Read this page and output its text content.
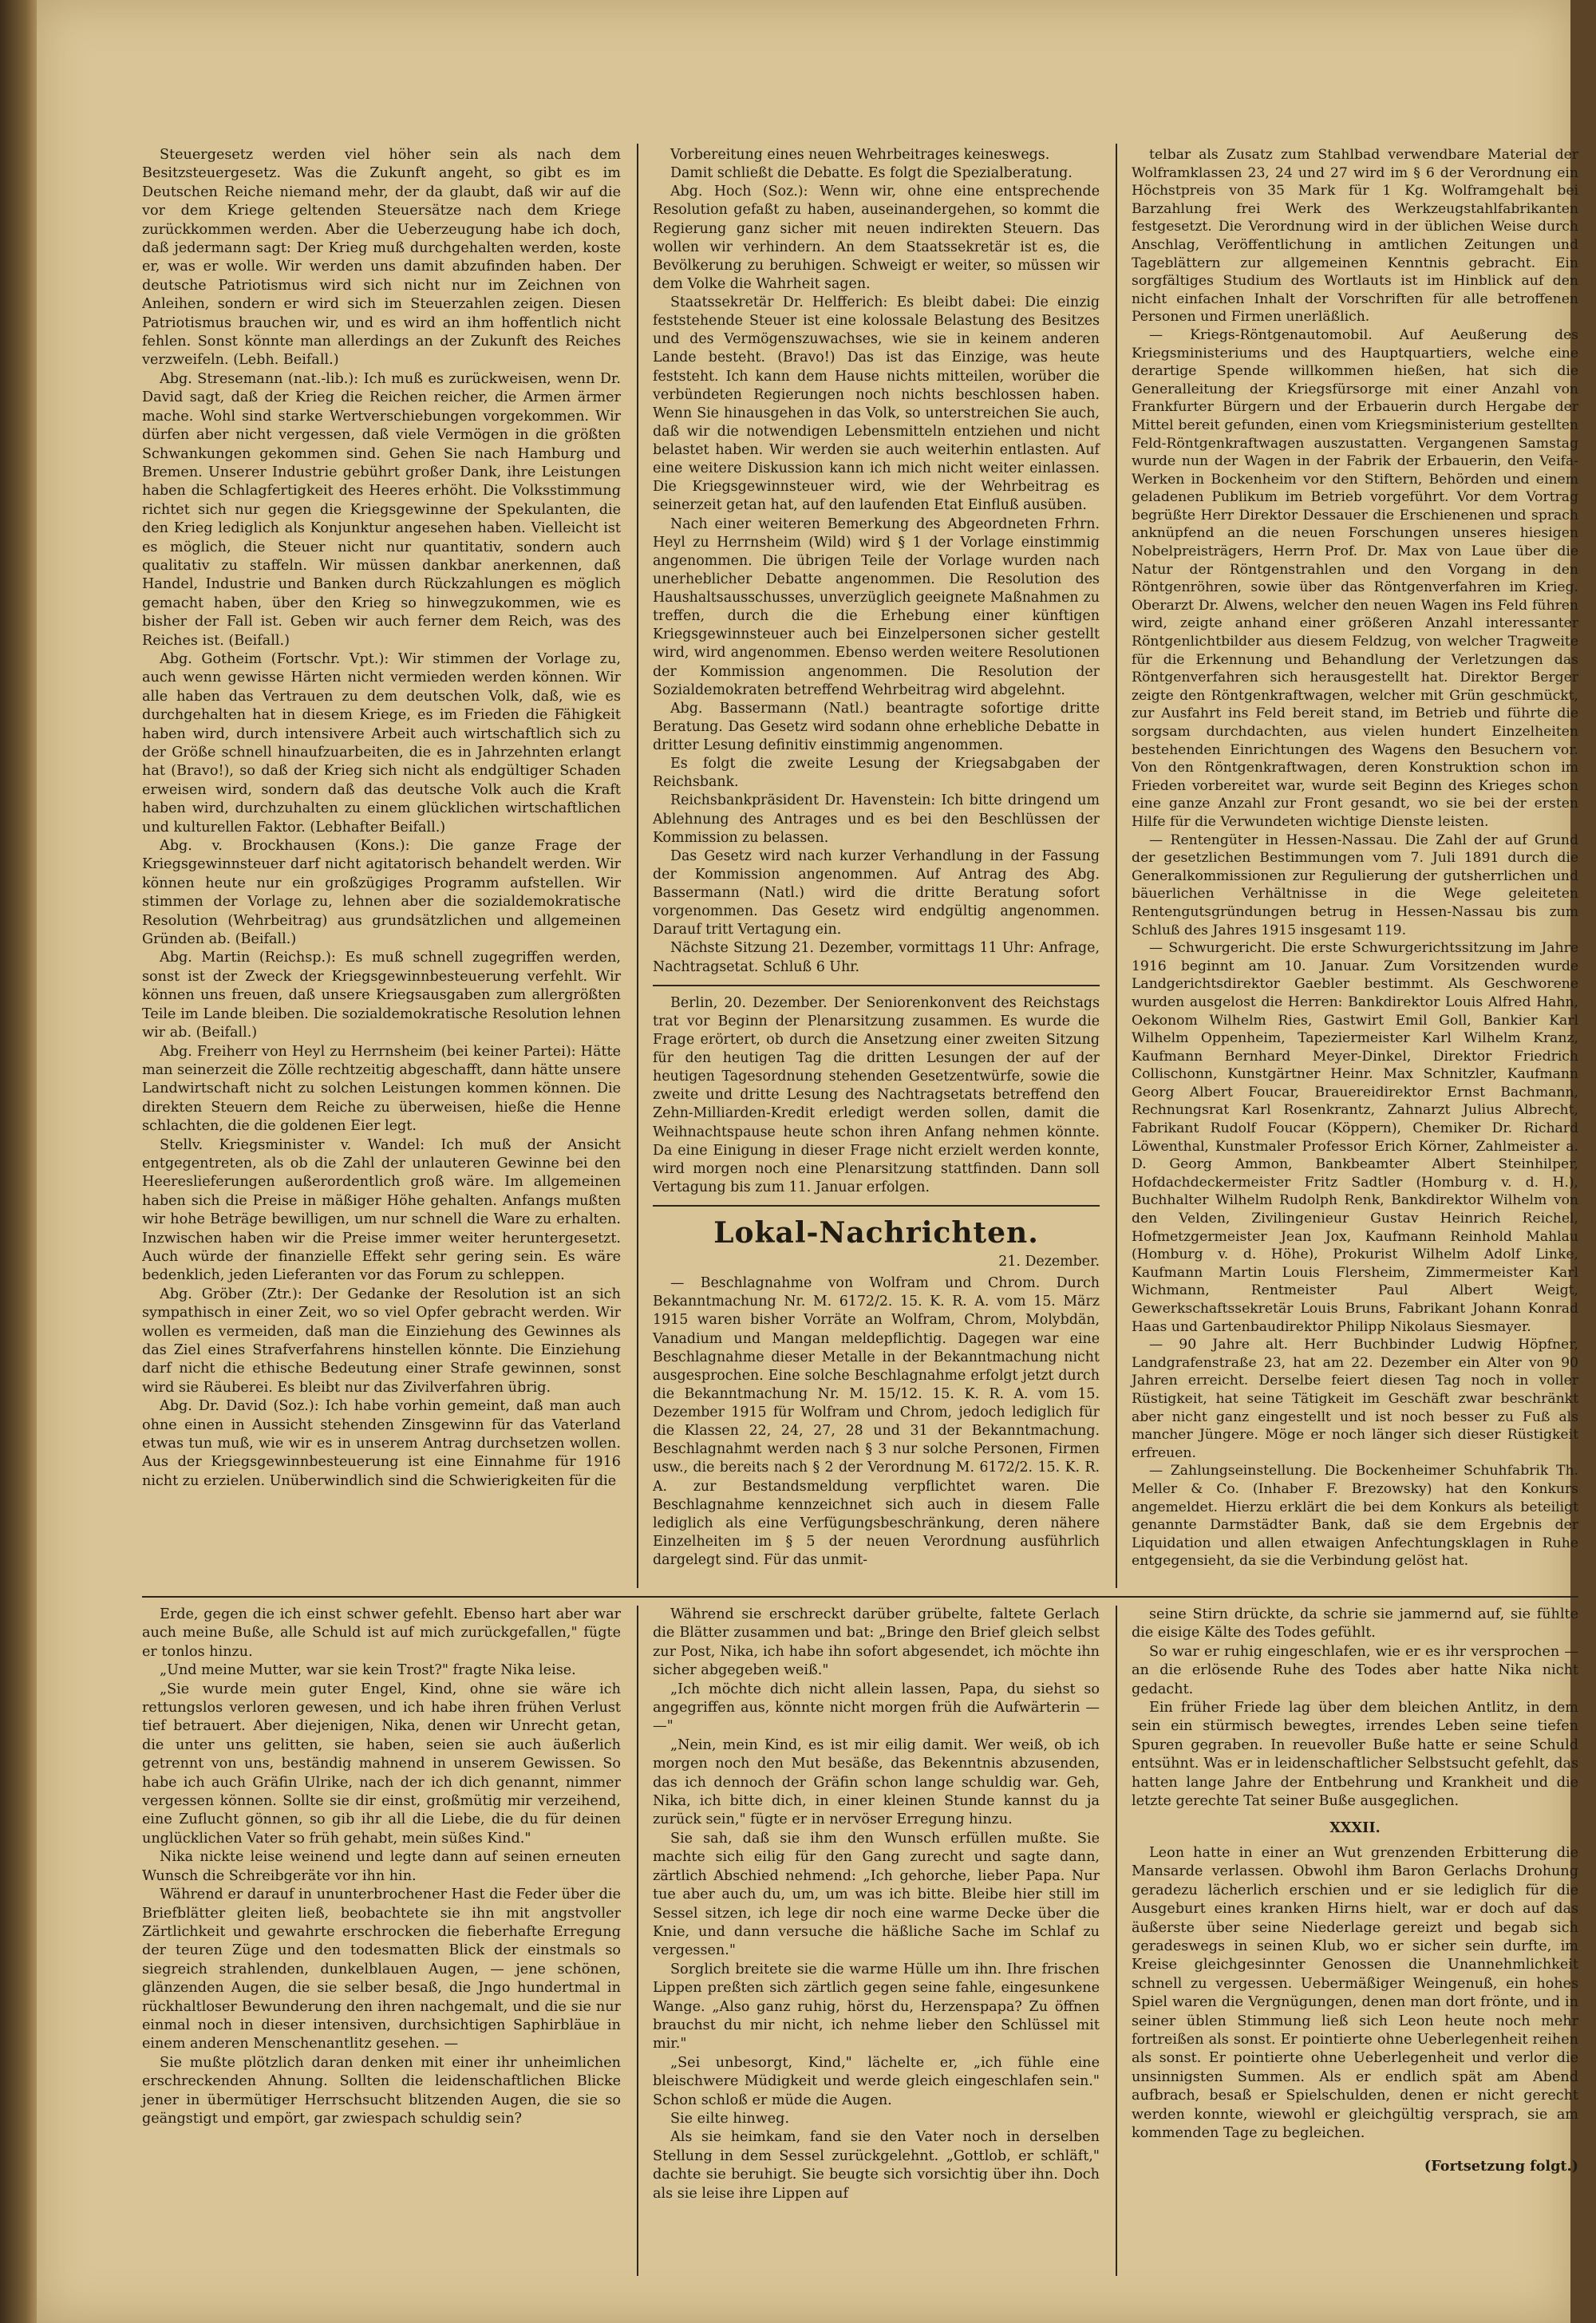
Steuergesetz werden viel höher sein als nach dem Besitzsteuergesetz. Was die Zukunft angeht, so gibt es im Deutschen Reiche niemand mehr, der da glaubt, daß wir auf die vor dem Kriege geltenden Steuersätze nach dem Kriege zurückkommen werden. Aber die Ueberzeugung habe ich doch, daß jedermann sagt: Der Krieg muß durchgehalten werden, koste er, was er wolle. Wir werden uns damit abzufinden haben. Der deutsche Patriotismus wird sich nicht nur im Zeichnen von Anleihen, sondern er wird sich im Steuerzahlen zeigen. Diesen Patriotismus brauchen wir, und es wird an ihm hoffentlich nicht fehlen. Sonst könnte man allerdings an der Zukunft des Reiches verzweifeln. (Lebh. Beifall.)

Abg. Stresemann (nat.-lib.): Ich muß es zurückweisen, wenn Dr. David sagt, daß der Krieg die Reichen reicher, die Armen ärmer mache. Wohl sind starke Wertverschiebungen vorgekommen. Wir dürfen aber nicht vergessen, daß viele Vermögen in die größten Schwankungen gekommen sind. Gehen Sie nach Hamburg und Bremen. Unserer Industrie gebührt großer Dank, ihre Leistungen haben die Schlagfertigkeit des Heeres erhöht. Die Volksstimmung richtet sich nur gegen die Kriegsgewinne der Spekulanten, die den Krieg lediglich als Konjunktur angesehen haben. Vielleicht ist es möglich, die Steuer nicht nur quantitativ, sondern auch qualitativ zu staffeln. Wir müssen dankbar anerkennen, daß Handel, Industrie und Banken durch Rückzahlungen es möglich gemacht haben, über den Krieg so hinwegzukommen, wie es bisher der Fall ist. Geben wir auch ferner dem Reich, was des Reiches ist. (Beifall.)

Abg. Gotheim (Fortschr. Vpt.): Wir stimmen der Vorlage zu, auch wenn gewisse Härten nicht vermieden werden können. Wir alle haben das Vertrauen zu dem deutschen Volk, daß, wie es durchgehalten hat in diesem Kriege, es im Frieden die Fähigkeit haben wird, durch intensivere Arbeit auch wirtschaftlich sich zu der Größe schnell hinaufzuarbeiten, die es in Jahrzehnten erlangt hat (Bravo!), so daß der Krieg sich nicht als endgültiger Schaden erweisen wird, sondern daß das deutsche Volk auch die Kraft haben wird, durchzuhalten zu einem glücklichen wirtschaftlichen und kulturellen Faktor. (Lebhafter Beifall.)

Abg. v. Brockhausen (Kons.): Die ganze Frage der Kriegsgewinnsteuer darf nicht agitatorisch behandelt werden. Wir können heute nur ein großzügiges Programm aufstellen. Wir stimmen der Vorlage zu, lehnen aber die sozialdemokratische Resolution (Wehrbeitrag) aus grundsätzlichen und allgemeinen Gründen ab. (Beifall.)

Abg. Martin (Reichsp.): Es muß schnell zugegriffen werden, sonst ist der Zweck der Kriegsgewinnbesteuerung verfehlt. Wir können uns freuen, daß unsere Kriegsausgaben zum allergrößten Teile im Lande bleiben. Die sozialdemokratische Resolution lehnen wir ab. (Beifall.)

Abg. Freiherr von Heyl zu Herrnsheim (bei keiner Partei): Hätte man seinerzeit die Zölle rechtzeitig abgeschafft, dann hätte unsere Landwirtschaft nicht zu solchen Leistungen kommen können. Die direkten Steuern dem Reiche zu überweisen, hieße die Henne schlachten, die die goldenen Eier legt.

Stellv. Kriegsminister v. Wandel: Ich muß der Ansicht entgegentreten, als ob die Zahl der unlauteren Gewinne bei den Heereslieferungen außerordentlich groß wäre. Im allgemeinen haben sich die Preise in mäßiger Höhe gehalten. Anfangs mußten wir hohe Beträge bewilligen, um nur schnell die Ware zu erhalten. Inzwischen haben wir die Preise immer weiter heruntergesetzt. Auch würde der finanzielle Effekt sehr gering sein. Es wäre bedenklich, jeden Lieferanten vor das Forum zu schleppen.

Abg. Gröber (Ztr.): Der Gedanke der Resolution ist an sich sympathisch in einer Zeit, wo so viel Opfer gebracht werden. Wir wollen es vermeiden, daß man die Einziehung des Gewinnes als das Ziel eines Strafverfahrens hinstellen könnte. Die Einziehung darf nicht die ethische Bedeutung einer Strafe gewinnen, sonst wird sie Räuberei. Es bleibt nur das Zivilverfahren übrig.

Abg. Dr. David (Soz.): Ich habe vorhin gemeint, daß man auch ohne einen in Aussicht stehenden Zinsgewinn für das Vaterland etwas tun muß, wie wir es in unserem Antrag durchsetzen wollen. Aus der Kriegsgewinnbesteuerung ist eine Einnahme für 1916 nicht zu erzielen. Unüberwindlich sind die Schwierigkeiten für die

Vorbereitung eines neuen Wehrbeitrages keineswegs.

Damit schließt die Debatte. Es folgt die Spezialberatung.

Abg. Hoch (Soz.): Wenn wir, ohne eine entsprechende Resolution gefaßt zu haben, auseinandergehen, so kommt die Regierung ganz sicher mit neuen indirekten Steuern. Das wollen wir verhindern. An dem Staatssekretär ist es, die Bevölkerung zu beruhigen. Schweigt er weiter, so müssen wir dem Volke die Wahrheit sagen.

Staatssekretär Dr. Helfferich: Es bleibt dabei: Die einzig feststehende Steuer ist eine kolossale Belastung des Besitzes und des Vermögenszuwachses, wie sie in keinem anderen Lande besteht. (Bravo!) Das ist das Einzige, was heute feststeht. Ich kann dem Hause nichts mitteilen, worüber die verbündeten Regierungen noch nichts beschlossen haben. Wenn Sie hinausgehen in das Volk, so unterstreichen Sie auch, daß wir die notwendigen Lebensmitteln entziehen und nicht belastet haben. Wir werden sie auch weiterhin entlasten. Auf eine weitere Diskussion kann ich mich nicht weiter einlassen. Die Kriegsgewinnsteuer wird, wie der Wehrbeitrag es seinerzeit getan hat, auf den laufenden Etat Einfluß ausüben.

Nach einer weiteren Bemerkung des Abgeordneten Frhrn. Heyl zu Herrnsheim (Wild) wird § 1 der Vorlage einstimmig angenommen. Die übrigen Teile der Vorlage wurden nach unerheblicher Debatte angenommen. Die Resolution des Haushaltsausschusses, unverzüglich geeignete Maßnahmen zu treffen, durch die die Erhebung einer künftigen Kriegsgewinnsteuer auch bei Einzelpersonen sicher gestellt wird, wird angenommen. Ebenso werden weitere Resolutionen der Kommission angenommen. Die Resolution der Sozialdemokraten betreffend Wehrbeitrag wird abgelehnt.

Abg. Bassermann (Natl.) beantragte sofortige dritte Beratung. Das Gesetz wird sodann ohne erhebliche Debatte in dritter Lesung definitiv einstimmig angenommen.

Es folgt die zweite Lesung der Kriegsabgaben der Reichsbank.

Reichsbankpräsident Dr. Havenstein: Ich bitte dringend um Ablehnung des Antrages und es bei den Beschlüssen der Kommission zu belassen.

Das Gesetz wird nach kurzer Verhandlung in der Fassung der Kommission angenommen. Auf Antrag des Abg. Bassermann (Natl.) wird die dritte Beratung sofort vorgenommen. Das Gesetz wird endgültig angenommen. Darauf tritt Vertagung ein.

Nächste Sitzung 21. Dezember, vormittags 11 Uhr: Anfrage, Nachtragsetat. Schluß 6 Uhr.

Berlin, 20. Dezember. Der Seniorenkonvent des Reichstags trat vor Beginn der Plenarsitzung zusammen. Es wurde die Frage erörtert, ob durch die Ansetzung einer zweiten Sitzung für den heutigen Tag die dritten Lesungen der auf der heutigen Tagesordnung stehenden Gesetzentwürfe, sowie die zweite und dritte Lesung des Nachtragsetats betreffend den Zehn-Milliarden-Kredit erledigt werden sollen, damit die Weihnachtspause heute schon ihren Anfang nehmen könnte. Da eine Einigung in dieser Frage nicht erzielt werden konnte, wird morgen noch eine Plenarsitzung stattfinden. Dann soll Vertagung bis zum 11. Januar erfolgen.

Lokal-Nachrichten.
21. Dezember.

— Beschlagnahme von Wolfram und Chrom. Durch Bekanntmachung Nr. M. 6172/2. 15. K. R. A. vom 15. März 1915 waren bisher Vorräte an Wolfram, Chrom, Molybdän, Vanadium und Mangan meldepflichtig. Dagegen war eine Beschlagnahme dieser Metalle in der Bekanntmachung nicht ausgesprochen. Eine solche Beschlagnahme erfolgt jetzt durch die Bekanntmachung Nr. M. 15/12. 15. K. R. A. vom 15. Dezember 1915 für Wolfram und Chrom, jedoch lediglich für die Klassen 22, 24, 27, 28 und 31 der Bekanntmachung. Beschlagnahmt werden nach § 3 nur solche Personen, Firmen usw., die bereits nach § 2 der Verordnung M. 6172/2. 15. K. R. A. zur Bestandsmeldung verpflichtet waren. Die Beschlagnahme kennzeichnet sich auch in diesem Falle lediglich als eine Verfügungsbeschränkung, deren nähere Einzelheiten im § 5 der neuen Verordnung ausführlich dargelegt sind. Für das unmit-

telbar als Zusatz zum Stahlbad verwendbare Material der Wolframklassen 23, 24 und 27 wird im § 6 der Verordnung ein Höchstpreis von 35 Mark für 1 Kg. Wolframgehalt bei Barzahlung frei Werk des Werkzeugstahlfabrikanten festgesetzt. Die Verordnung wird in der üblichen Weise durch Anschlag, Veröffentlichung in amtlichen Zeitungen und Tageblättern zur allgemeinen Kenntnis gebracht. Ein sorgfältiges Studium des Wortlauts ist im Hinblick auf den nicht einfachen Inhalt der Vorschriften für alle betroffenen Personen und Firmen unerläßlich.

— Kriegs-Röntgenautomobil. Auf Aeußerung des Kriegsministeriums und des Hauptquartiers, welche eine derartige Spende willkommen hießen, hat sich die Generalleitung der Kriegsfürsorge mit einer Anzahl von Frankfurter Bürgern und der Erbauerin durch Hergabe der Mittel bereit gefunden, einen vom Kriegsministerium gestellten Feld-Röntgenkraftwagen auszustatten. Vergangenen Samstag wurde nun der Wagen in der Fabrik der Erbauerin, den Veifa-Werken in Bockenheim vor den Stiftern, Behörden und einem geladenen Publikum im Betrieb vorgeführt. Vor dem Vortrag begrüßte Herr Direktor Dessauer die Erschienenen und sprach anknüpfend an die neuen Forschungen unseres hiesigen Nobelpreisträgers, Herrn Prof. Dr. Max von Laue über die Natur der Röntgenstrahlen und den Vorgang in den Röntgenröhren, sowie über das Röntgenverfahren im Krieg. Oberarzt Dr. Alwens, welcher den neuen Wagen ins Feld führen wird, zeigte anhand einer größeren Anzahl interessanter Röntgenlichtbilder aus diesem Feldzug, von welcher Tragweite für die Erkennung und Behandlung der Verletzungen das Röntgenverfahren sich herausgestellt hat. Direktor Berger zeigte den Röntgenkraftwagen, welcher mit Grün geschmückt, zur Ausfahrt ins Feld bereit stand, im Betrieb und führte die sorgsam durchdachten, aus vielen hundert Einzelheiten bestehenden Einrichtungen des Wagens den Besuchern vor. Von den Röntgenkraftwagen, deren Konstruktion schon im Frieden vorbereitet war, wurde seit Beginn des Krieges schon eine ganze Anzahl zur Front gesandt, wo sie bei der ersten Hilfe für die Verwundeten wichtige Dienste leisten.

— Rentengüter in Hessen-Nassau. Die Zahl der auf Grund der gesetzlichen Bestimmungen vom 7. Juli 1891 durch die Generalkommissionen zur Regulierung der gutsherrlichen und bäuerlichen Verhältnisse in die Wege geleiteten Rentengutsgründungen betrug in Hessen-Nassau bis zum Schluß des Jahres 1915 insgesamt 119.

— Schwurgericht. Die erste Schwurgerichtssitzung im Jahre 1916 beginnt am 10. Januar. Zum Vorsitzenden wurde Landgerichtsdirektor Gaebler bestimmt. Als Geschworene wurden ausgelost die Herren: Bankdirektor Louis Alfred Hahn, Oekonom Wilhelm Ries, Gastwirt Emil Goll, Bankier Karl Wilhelm Oppenheim, Tapeziermeister Karl Wilhelm Kranz, Kaufmann Bernhard Meyer-Dinkel, Direktor Friedrich Collischonn, Kunstgärtner Heinr. Max Schnitzler, Kaufmann Georg Albert Foucar, Brauereidirektor Ernst Bachmann, Rechnungsrat Karl Rosenkrantz, Zahnarzt Julius Albrecht, Fabrikant Rudolf Foucar (Köppern), Chemiker Dr. Richard Löwenthal, Kunstmaler Professor Erich Körner, Zahlmeister a. D. Georg Ammon, Bankbeamter Albert Steinhilper, Hofdachdeckermeister Fritz Sadtler (Homburg v. d. H.), Buchhalter Wilhelm Rudolph Renk, Bankdirektor Wilhelm von den Velden, Zivilingenieur Gustav Heinrich Reichel, Hofmetzgermeister Jean Jox, Kaufmann Reinhold Mahlau (Homburg v. d. Höhe), Prokurist Wilhelm Adolf Linke, Kaufmann Martin Louis Flersheim, Zimmermeister Karl Wichmann, Rentmeister Paul Albert Weigt, Gewerkschaftssekretär Louis Bruns, Fabrikant Johann Konrad Haas und Gartenbaudirektor Philipp Nikolaus Siesmayer.

— 90 Jahre alt. Herr Buchbinder Ludwig Höpfner, Landgrafenstraße 23, hat am 22. Dezember ein Alter von 90 Jahren erreicht. Derselbe feiert diesen Tag noch in voller Rüstigkeit, hat seine Tätigkeit im Geschäft zwar beschränkt aber nicht ganz eingestellt und ist noch besser zu Fuß als mancher Jüngere. Möge er noch länger sich dieser Rüstigkeit erfreuen.

— Zahlungseinstellung. Die Bockenheimer Schuhfabrik Th. Meller & Co. (Inhaber F. Brezowsky) hat den Konkurs angemeldet. Hierzu erklärt die bei dem Konkurs als beteiligt genannte Darmstädter Bank, daß sie dem Ergebnis der Liquidation und allen etwaigen Anfechtungsklagen in Ruhe entgegensieht, da sie die Verbindung gelöst hat.

Erde, gegen die ich einst schwer gefehlt. Ebenso hart aber war auch meine Buße, alle Schuld ist auf mich zurückgefallen," fügte er tonlos hinzu.

„Und meine Mutter, war sie kein Trost?" fragte Nika leise.

„Sie wurde mein guter Engel, Kind, ohne sie wäre ich rettungslos verloren gewesen, und ich habe ihren frühen Verlust tief betrauert. Aber diejenigen, Nika, denen wir Unrecht getan, die unter uns gelitten, sie haben, seien sie auch äußerlich getrennt von uns, beständig mahnend in unserem Gewissen. So habe ich auch Gräfin Ulrike, nach der ich dich genannt, nimmer vergessen können. Sollte sie dir einst, großmütig mir verzeihend, eine Zuflucht gönnen, so gib ihr all die Liebe, die du für deinen unglücklichen Vater so früh gehabt, mein süßes Kind."

Nika nickte leise weinend und legte dann auf seinen erneuten Wunsch die Schreibgeräte vor ihn hin.

Während er darauf in ununterbrochener Hast die Feder über die Briefblätter gleiten ließ, beobachtete sie ihn mit angstvoller Zärtlichkeit und gewahrte erschrocken die fieberhafte Erregung der teuren Züge und den todesmatten Blick der einstmals so siegreich strahlenden, dunkelblauen Augen, — jene schönen, glänzenden Augen, die sie selber besaß, die Jngo hundertmal in rückhaltloser Bewunderung den ihren nachgemalt, und die sie nur einmal noch in dieser intensiven, durchsichtigen Saphirbläue in einem anderen Menschenantlitz gesehen. —

Sie mußte plötzlich daran denken mit einer ihr unheimlichen erschreckenden Ahnung. Sollten die leidenschaftlichen Blicke jener in übermütiger Herrschsucht blitzenden Augen, die sie so geängstigt und empört, gar zwiespach schuldig sein?

Während sie erschreckt darüber grübelte, faltete Gerlach die Blätter zusammen und bat: „Bringe den Brief gleich selbst zur Post, Nika, ich habe ihn sofort abgesendet, ich möchte ihn sicher abgegeben weiß."

„Ich möchte dich nicht allein lassen, Papa, du siehst so angegriffen aus, könnte nicht morgen früh die Aufwärterin — —"

„Nein, mein Kind, es ist mir eilig damit. Wer weiß, ob ich morgen noch den Mut besäße, das Bekenntnis abzusenden, das ich dennoch der Gräfin schon lange schuldig war. Geh, Nika, ich bitte dich, in einer kleinen Stunde kannst du ja zurück sein," fügte er in nervöser Erregung hinzu.

Sie sah, daß sie ihm den Wunsch erfüllen mußte. Sie machte sich eilig für den Gang zurecht und sagte dann, zärtlich Abschied nehmend: „Ich gehorche, lieber Papa. Nur tue aber auch du, um, um was ich bitte. Bleibe hier still im Sessel sitzen, ich lege dir noch eine warme Decke über die Knie, und dann versuche die häßliche Sache im Schlaf zu vergessen."

Sorglich breitete sie die warme Hülle um ihn. Ihre frischen Lippen preßten sich zärtlich gegen seine fahle, eingesunkene Wange. „Also ganz ruhig, hörst du, Herzenspapa? Zu öffnen brauchst du mir nicht, ich nehme lieber den Schlüssel mit mir."

„Sei unbesorgt, Kind," lächelte er, „ich fühle eine bleischwere Müdigkeit und werde gleich eingeschlafen sein." Schon schloß er müde die Augen.

Sie eilte hinweg.

Als sie heimkam, fand sie den Vater noch in derselben Stellung in dem Sessel zurückgelehnt. „Gottlob, er schläft," dachte sie beruhigt. Sie beugte sich vorsichtig über ihn. Doch als sie leise ihre Lippen auf

seine Stirn drückte, da schrie sie jammernd auf, sie fühlte die eisige Kälte des Todes gefühlt.

So war er ruhig eingeschlafen, wie er es ihr versprochen — an die erlösende Ruhe des Todes aber hatte Nika nicht gedacht.

Ein früher Friede lag über dem bleichen Antlitz, in dem sein ein stürmisch bewegtes, irrendes Leben seine tiefen Spuren gegraben. In reuevoller Buße hatte er seine Schuld entsühnt. Was er in leidenschaftlicher Selbstsucht gefehlt, das hatten lange Jahre der Entbehrung und Krankheit und die letzte gerechte Tat seiner Buße ausgeglichen.

XXXII.

Leon hatte in einer an Wut grenzenden Erbitterung die Mansarde verlassen. Obwohl ihm Baron Gerlachs Drohung geradezu lächerlich erschien und er sie lediglich für die Ausgeburt eines kranken Hirns hielt, war er doch auf das äußerste über seine Niederlage gereizt und begab sich geradeswegs in seinen Klub, wo er sicher sein durfte, im Kreise gleichgesinnter Genossen die Unannehmlichkeit schnell zu vergessen. Uebermäßiger Weingenuß, ein hohes Spiel waren die Vergnügungen, denen man dort frönte, und in seiner üblen Stimmung ließ sich Leon heute noch mehr fortreißen als sonst. Er pointierte ohne Ueberlegenheit reihen als sonst. Er pointierte ohne Ueberlegenheit und verlor die unsinnigsten Summen. Als er endlich spät am Abend aufbrach, besaß er Spielschulden, denen er nicht gerecht werden konnte, wiewohl er gleichgültig versprach, sie am kommenden Tage zu begleichen.

(Fortsetzung folgt.)
